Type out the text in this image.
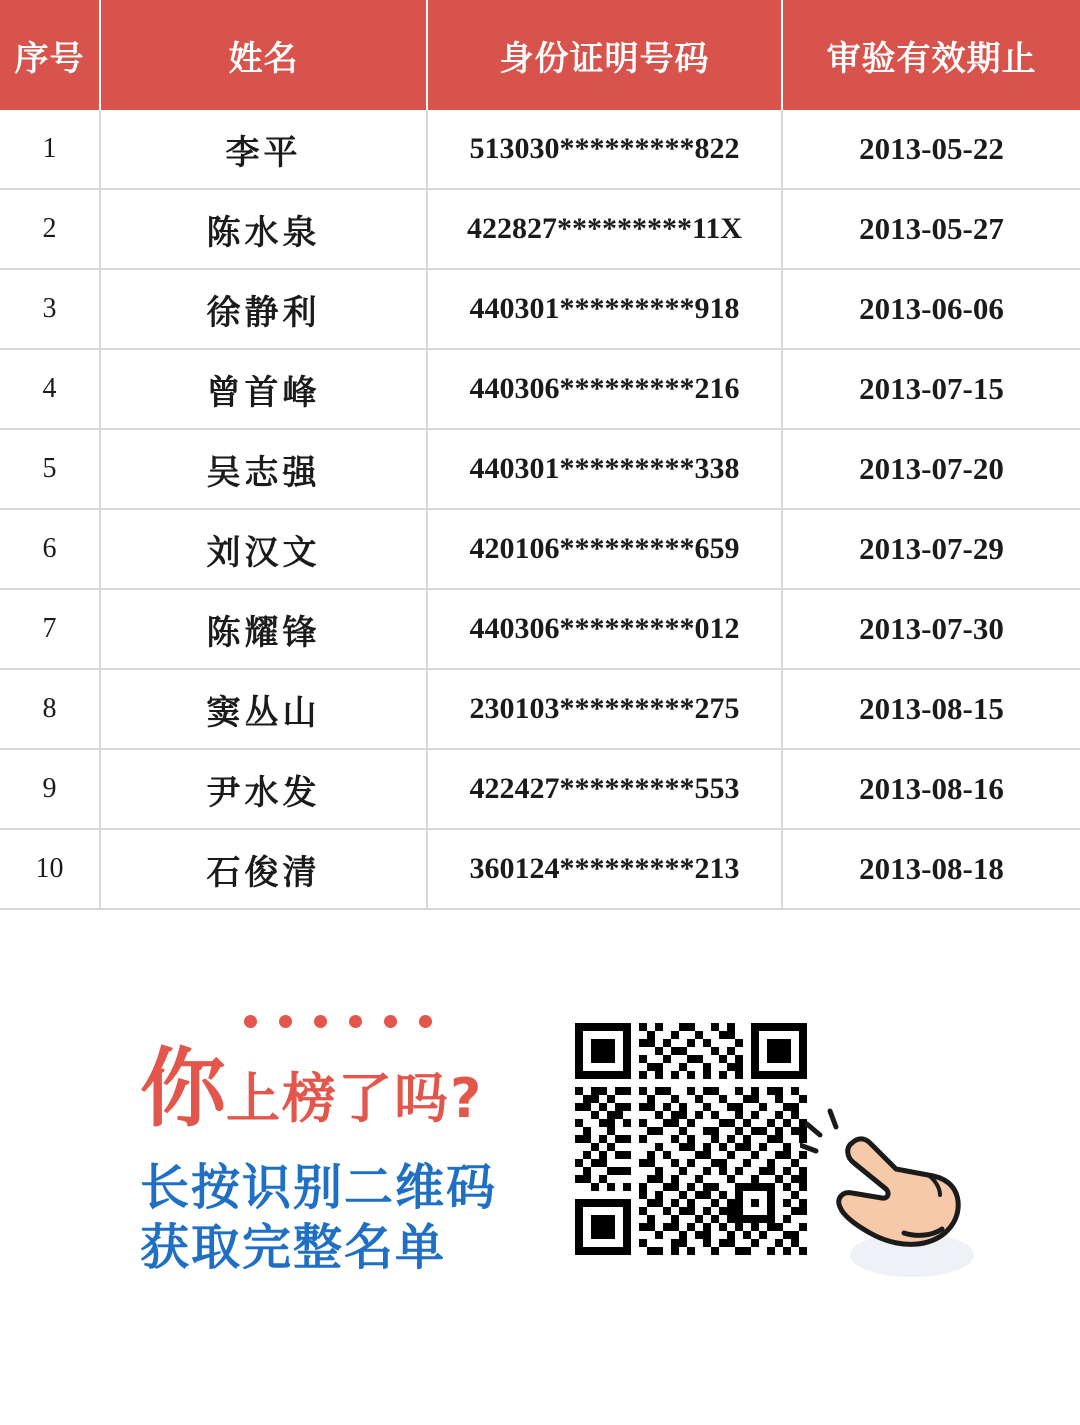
序号	姓名	身份证明号码	审验有效期止
1	李平	513030*********822	2013-05-22
2	陈水泉	422827*********11X	2013-05-27
3	徐静利	440301*********918	2013-06-06
4	曾首峰	440306*********216	2013-07-15
5	吴志强	440301*********338	2013-07-20
6	刘汉文	420106*********659	2013-07-29
7	陈耀锋	440306*********012	2013-07-30
8	窦丛山	230103*********275	2013-08-15
9	尹水发	422427*********553	2013-08-16
10	石俊清	360124*********213	2013-08-18
你 上榜了吗?
长按识别二维码
获取完整名单
